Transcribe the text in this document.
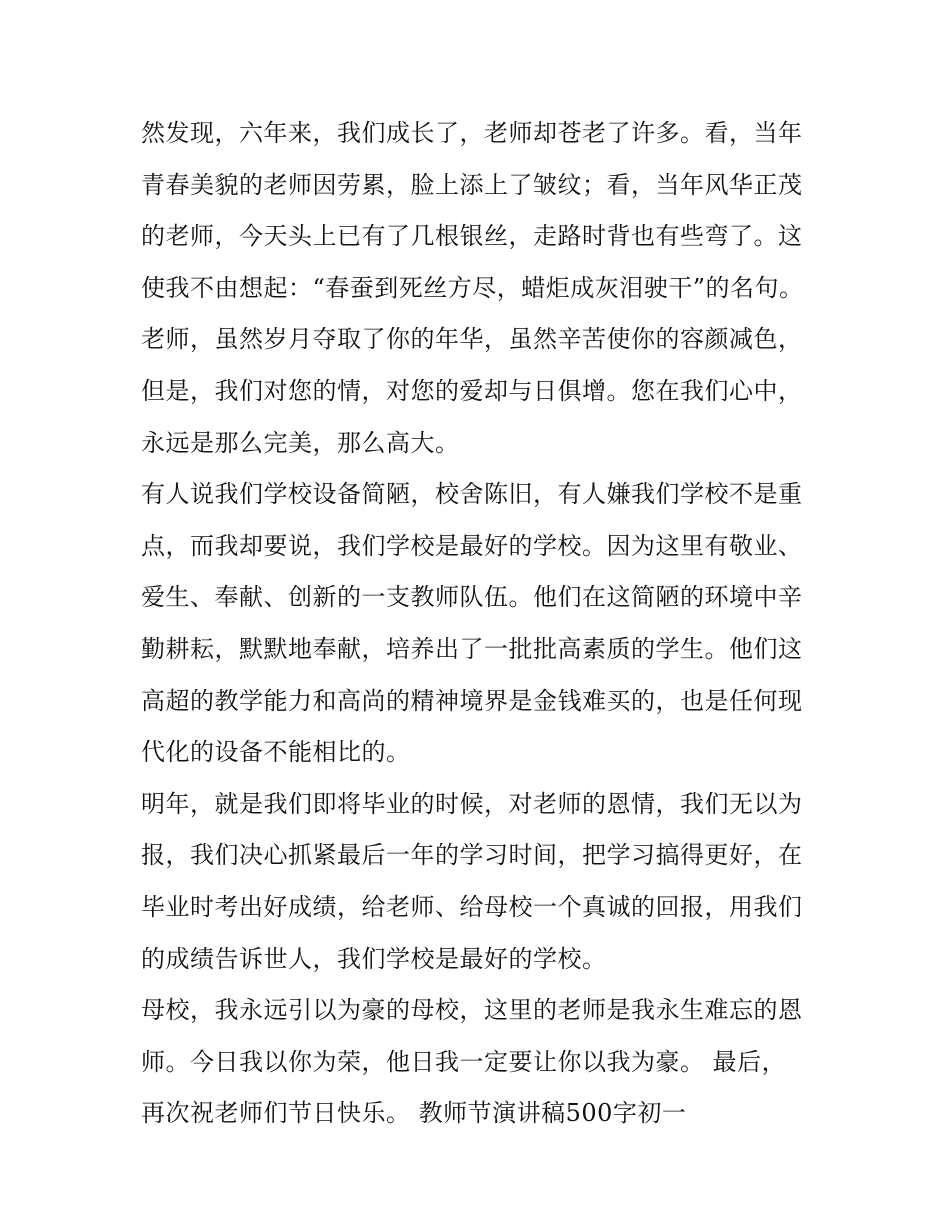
然发现，六年来，我们成长了，老师却苍老了许多。看，当年
青春美貌的老师因劳累，脸上添上了皱纹；看，当年风华正茂
的老师，今天头上已有了几根银丝，走路时背也有些弯了。这
使我不由想起：“春蚕到死丝方尽，蜡炬成灰泪驶干”的名句。
老师，虽然岁月夺取了你的年华，虽然辛苦使你的容颜减色，
但是，我们对您的情，对您的爱却与日俱增。您在我们心中，
永远是那么完美，那么高大。
有人说我们学校设备简陋，校舍陈旧，有人嫌我们学校不是重
点，而我却要说，我们学校是最好的学校。因为这里有敬业、
爱生、奉献、创新的一支教师队伍。他们在这简陋的环境中辛
勤耕耘，默默地奉献，培养出了一批批高素质的学生。他们这
高超的教学能力和高尚的精神境界是金钱难买的，也是任何现
代化的设备不能相比的。
明年，就是我们即将毕业的时候，对老师的恩情，我们无以为
报，我们决心抓紧最后一年的学习时间，把学习搞得更好，在
毕业时考出好成绩，给老师、给母校一个真诚的回报，用我们
的成绩告诉世人，我们学校是最好的学校。
母校，我永远引以为豪的母校，这里的老师是我永生难忘的恩
师。今日我以你为荣，他日我一定要让你以我为豪。 最后，
再次祝老师们节日快乐。 教师节演讲稿500字初一
